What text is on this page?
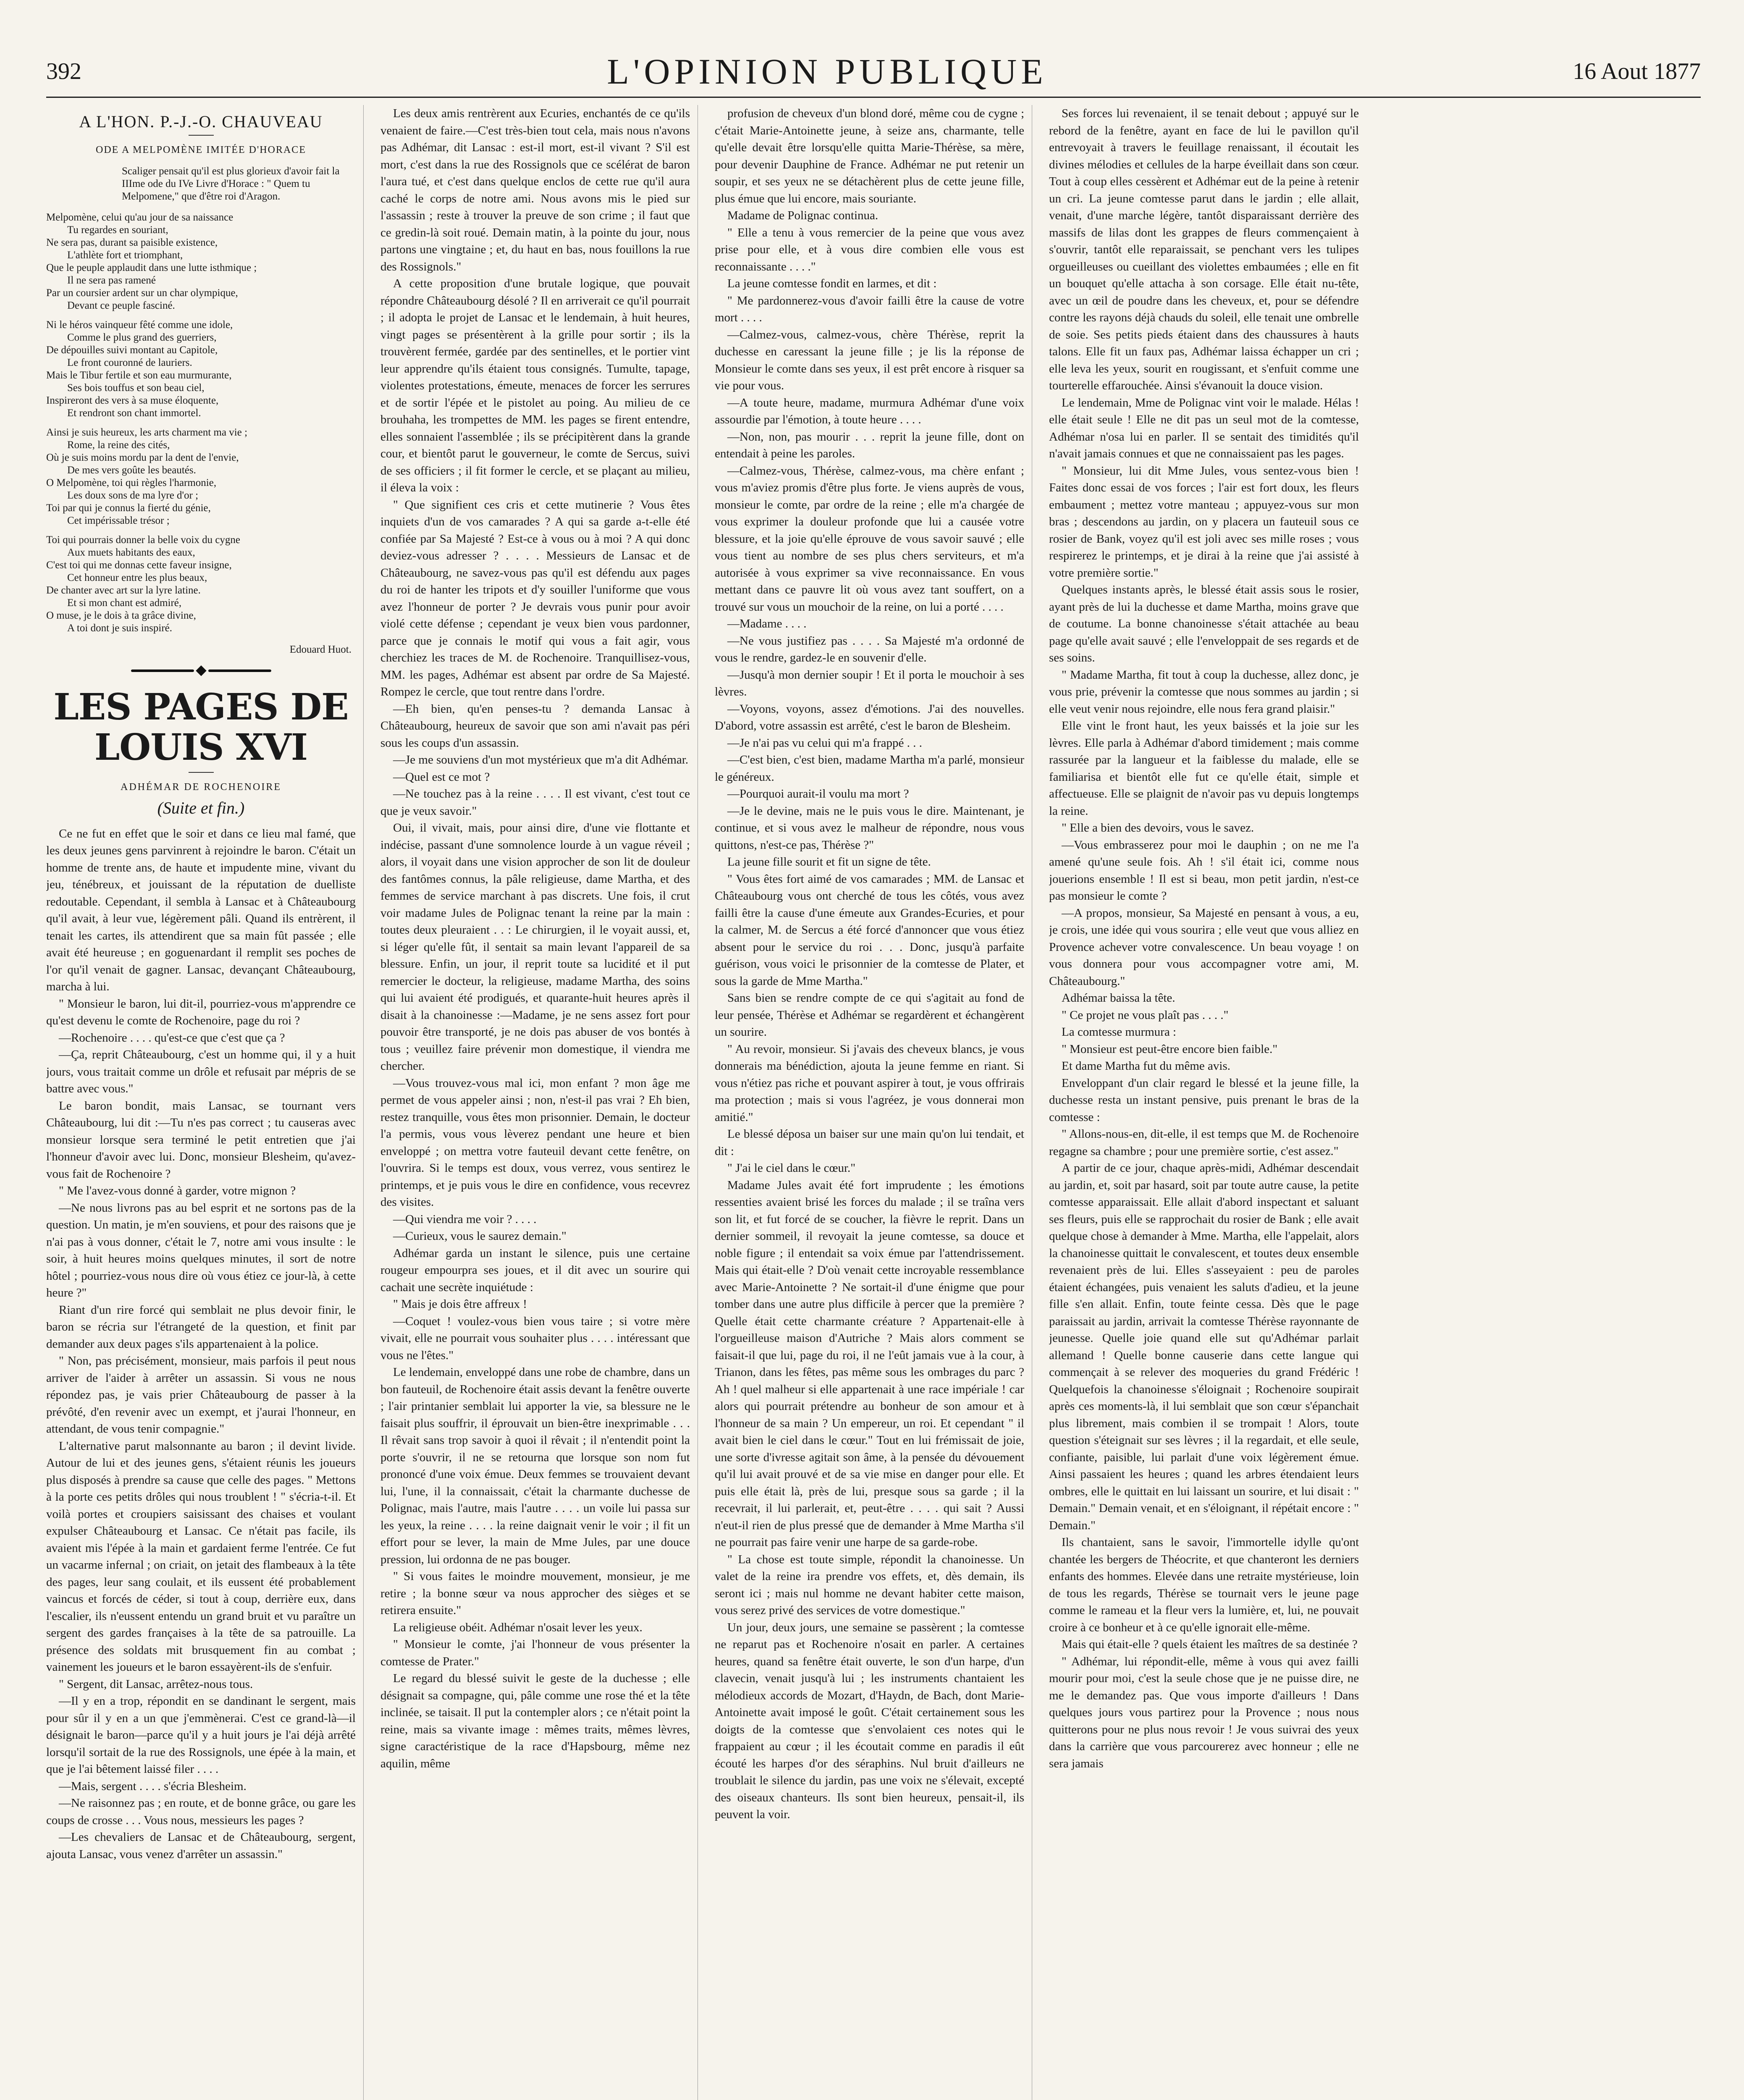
392	L'OPINION PUBLIQUE	16 Aout 1877
A L'HON. P.-J.-O. CHAUVEAU
ODE A MELPOMÈNE IMITÉE D'HORACE
Scaliger pensait qu'il est plus glorieux d'avoir fait la IIIme ode du IVe Livre d'Horace : " Quem tu Melpomene," que d'être roi d'Aragon.
Melpomène, celui qu'au jour de sa naissance
Tu regardes en souriant,
Ne sera pas, durant sa paisible existence,
L'athlète fort et triomphant,
Que le peuple applaudit dans une lutte isthmique ;
Il ne sera pas ramené
Par un coursier ardent sur un char olympique,
Devant ce peuple fasciné.
Ni le héros vainqueur fêté comme une idole,
Comme le plus grand des guerriers,
De dépouilles suivi montant au Capitole,
Le front couronné de lauriers.
Mais le Tibur fertile et son eau murmurante,
Ses bois touffus et son beau ciel,
Inspireront des vers à sa muse éloquente,
Et rendront son chant immortel.
Ainsi je suis heureux, les arts charment ma vie ;
Rome, la reine des cités,
Où je suis moins mordu par la dent de l'envie,
De mes vers goûte les beautés.
O Melpomène, toi qui règles l'harmonie,
Les doux sons de ma lyre d'or ;
Toi par qui je connus la fierté du génie,
Cet impérissable trésor ;
Toi qui pourrais donner la belle voix du cygne
Aux muets habitants des eaux,
C'est toi qui me donnas cette faveur insigne,
Cet honneur entre les plus beaux,
De chanter avec art sur la lyre latine.
Et si mon chant est admiré,
O muse, je le dois à ta grâce divine,
A toi dont je suis inspiré.
Edouard Huot.
LES PAGES DE LOUIS XVI
ADHÉMAR DE ROCHENOIRE
(Suite et fin.)

Ce ne fut en effet que le soir et dans ce lieu mal famé, que les deux jeunes gens parvinrent à rejoindre le baron. C'était un homme de trente ans, de haute et impudente mine, vivant du jeu, ténébreux, et jouissant de la réputation de duelliste redoutable. Cependant, il sembla à Lansac et à Châteaubourg qu'il avait, à leur vue, légèrement pâli. Quand ils entrèrent, il tenait les cartes, ils attendirent que sa main fût passée ; elle avait été heureuse ; en goguenardant il remplit ses poches de l'or qu'il venait de gagner. Lansac, devançant Châteaubourg, marcha à lui.

" Monsieur le baron, lui dit-il, pourriez-vous m'apprendre ce qu'est devenu le comte de Rochenoire, page du roi ?

—Rochenoire . . . . qu'est-ce que c'est que ça ?

—Ça, reprit Châteaubourg, c'est un homme qui, il y a huit jours, vous traitait comme un drôle et refusait par mépris de se battre avec vous."

Le baron bondit, mais Lansac, se tournant vers Châteaubourg, lui dit :—Tu n'es pas correct ; tu causeras avec monsieur lorsque sera terminé le petit entretien que j'ai l'honneur d'avoir avec lui. Donc, monsieur Blesheim, qu'avez-vous fait de Rochenoire ?

" Me l'avez-vous donné à garder, votre mignon ?

—Ne nous livrons pas au bel esprit et ne sortons pas de la question. Un matin, je m'en souviens, et pour des raisons que je n'ai pas à vous donner, c'était le 7, notre ami vous insulte : le soir, à huit heures moins quelques minutes, il sort de notre hôtel ; pourriez-vous nous dire où vous étiez ce jour-là, à cette heure ?"

Riant d'un rire forcé qui semblait ne plus devoir finir, le baron se récria sur l'étrangeté de la question, et finit par demander aux deux pages s'ils appartenaient à la police.

" Non, pas précisément, monsieur, mais parfois il peut nous arriver de l'aider à arrêter un assassin. Si vous ne nous répondez pas, je vais prier Châteaubourg de passer à la prévôté, d'en revenir avec un exempt, et j'aurai l'honneur, en attendant, de vous tenir compagnie."

L'alternative parut malsonnante au baron ; il devint livide. Autour de lui et des jeunes gens, s'étaient réunis les joueurs plus disposés à prendre sa cause que celle des pages. " Mettons à la porte ces petits drôles qui nous troublent ! " s'écria-t-il. Et voilà portes et croupiers saisissant des chaises et voulant expulser Châteaubourg et Lansac. Ce n'était pas facile, ils avaient mis l'épée à la main et gardaient ferme l'entrée. Ce fut un vacarme infernal ; on criait, on jetait des flambeaux à la tête des pages, leur sang coulait, et ils eussent été probablement vaincus et forcés de céder, si tout à coup, derrière eux, dans l'escalier, ils n'eussent entendu un grand bruit et vu paraître un sergent des gardes françaises à la tête de sa patrouille. La présence des soldats mit brusquement fin au combat ; vainement les joueurs et le baron essayèrent-ils de s'enfuir.

" Sergent, dit Lansac, arrêtez-nous tous.

—Il y en a trop, répondit en se dandinant le sergent, mais pour sûr il y en a un que j'emmènerai. C'est ce grand-là—il désignait le baron—parce qu'il y a huit jours je l'ai déjà arrêté lorsqu'il sortait de la rue des Rossignols, une épée à la main, et que je l'ai bêtement laissé filer . . . .

—Mais, sergent . . . . s'écria Blesheim.

—Ne raisonnez pas ; en route, et de bonne grâce, ou gare les coups de crosse . . . Vous nous, messieurs les pages ?

—Les chevaliers de Lansac et de Châteaubourg, sergent, ajouta Lansac, vous venez d'arrêter un assassin."

Les deux amis rentrèrent aux Ecuries, enchantés de ce qu'ils venaient de faire.—C'est très-bien tout cela, mais nous n'avons pas Adhémar, dit Lansac : est-il mort, est-il vivant ? S'il est mort, c'est dans la rue des Rossignols que ce scélérat de baron l'aura tué, et c'est dans quelque enclos de cette rue qu'il aura caché le corps de notre ami. Nous avons mis le pied sur l'assassin ; reste à trouver la preuve de son crime ; il faut que ce gredin-là soit roué. Demain matin, à la pointe du jour, nous partons une vingtaine ; et, du haut en bas, nous fouillons la rue des Rossignols."

A cette proposition d'une brutale logique, que pouvait répondre Châteaubourg désolé ? Il en arriverait ce qu'il pourrait ; il adopta le projet de Lansac et le lendemain, à huit heures, vingt pages se présentèrent à la grille pour sortir ; ils la trouvèrent fermée, gardée par des sentinelles, et le portier vint leur apprendre qu'ils étaient tous consignés. Tumulte, tapage, violentes protestations, émeute, menaces de forcer les serrures et de sortir l'épée et le pistolet au poing. Au milieu de ce brouhaha, les trompettes de MM. les pages se firent entendre, elles sonnaient l'assemblée ; ils se précipitèrent dans la grande cour, et bientôt parut le gouverneur, le comte de Sercus, suivi de ses officiers ; il fit former le cercle, et se plaçant au milieu, il éleva la voix :

" Que signifient ces cris et cette mutinerie ? Vous êtes inquiets d'un de vos camarades ? A qui sa garde a-t-elle été confiée par Sa Majesté ? Est-ce à vous ou à moi ? A qui donc deviez-vous adresser ? . . . . Messieurs de Lansac et de Châteaubourg, ne savez-vous pas qu'il est défendu aux pages du roi de hanter les tripots et d'y souiller l'uniforme que vous avez l'honneur de porter ? Je devrais vous punir pour avoir violé cette défense ; cependant je veux bien vous pardonner, parce que je connais le motif qui vous a fait agir, vous cherchiez les traces de M. de Rochenoire. Tranquillisez-vous, MM. les pages, Adhémar est absent par ordre de Sa Majesté. Rompez le cercle, que tout rentre dans l'ordre.

—Eh bien, qu'en penses-tu ? demanda Lansac à Châteaubourg, heureux de savoir que son ami n'avait pas péri sous les coups d'un assassin.

—Je me souviens d'un mot mystérieux que m'a dit Adhémar.

—Quel est ce mot ?

—Ne touchez pas à la reine . . . . Il est vivant, c'est tout ce que je veux savoir."

Oui, il vivait, mais, pour ainsi dire, d'une vie flottante et indécise, passant d'une somnolence lourde à un vague réveil ; alors, il voyait dans une vision approcher de son lit de douleur des fantômes connus, la pâle religieuse, dame Martha, et des femmes de service marchant à pas discrets. Une fois, il crut voir madame Jules de Polignac tenant la reine par la main : toutes deux pleuraient . . : Le chirurgien, il le voyait aussi, et, si léger qu'elle fût, il sentait sa main levant l'appareil de sa blessure. Enfin, un jour, il reprit toute sa lucidité et il put remercier le docteur, la religieuse, madame Martha, des soins qui lui avaient été prodigués, et quarante-huit heures après il disait à la chanoinesse :—Madame, je ne sens assez fort pour pouvoir être transporté, je ne dois pas abuser de vos bontés à tous ; veuillez faire prévenir mon domestique, il viendra me chercher.

—Vous trouvez-vous mal ici, mon enfant ? mon âge me permet de vous appeler ainsi ; non, n'est-il pas vrai ? Eh bien, restez tranquille, vous êtes mon prisonnier. Demain, le docteur l'a permis, vous vous lèverez pendant une heure et bien enveloppé ; on mettra votre fauteuil devant cette fenêtre, on l'ouvrira. Si le temps est doux, vous verrez, vous sentirez le printemps, et je puis vous le dire en confidence, vous recevrez des visites.

—Qui viendra me voir ? . . . .

—Curieux, vous le saurez demain."

Adhémar garda un instant le silence, puis une certaine rougeur empourpra ses joues, et il dit avec un sourire qui cachait une secrète inquiétude :

" Mais je dois être affreux !

—Coquet ! voulez-vous bien vous taire ; si votre mère vivait, elle ne pourrait vous souhaiter plus . . . . intéressant que vous ne l'êtes."

Le lendemain, enveloppé dans une robe de chambre, dans un bon fauteuil, de Rochenoire était assis devant la fenêtre ouverte ; l'air printanier semblait lui apporter la vie, sa blessure ne le faisait plus souffrir, il éprouvait un bien-être inexprimable . . . Il rêvait sans trop savoir à quoi il rêvait ; il n'entendit point la porte s'ouvrir, il ne se retourna que lorsque son nom fut prononcé d'une voix émue. Deux femmes se trouvaient devant lui, l'une, il la connaissait, c'était la charmante duchesse de Polignac, mais l'autre, mais l'autre . . . . un voile lui passa sur les yeux, la reine . . . . la reine daignait venir le voir ; il fit un effort pour se lever, la main de Mme Jules, par une douce pression, lui ordonna de ne pas bouger.

" Si vous faites le moindre mouvement, monsieur, je me retire ; la bonne sœur va nous approcher des sièges et se retirera ensuite."

La religieuse obéit. Adhémar n'osait lever les yeux.

" Monsieur le comte, j'ai l'honneur de vous présenter la comtesse de Prater."

Le regard du blessé suivit le geste de la duchesse ; elle désignait sa compagne, qui, pâle comme une rose thé et la tête inclinée, se taisait. Il put la contempler alors ; ce n'était point la reine, mais sa vivante image : mêmes traits, mêmes lèvres, signe caractéristique de la race d'Hapsbourg, même nez aquilin, même

profusion de cheveux d'un blond doré, même cou de cygne ; c'était Marie-Antoinette jeune, à seize ans, charmante, telle qu'elle devait être lorsqu'elle quitta Marie-Thérèse, sa mère, pour devenir Dauphine de France. Adhémar ne put retenir un soupir, et ses yeux ne se détachèrent plus de cette jeune fille, plus émue que lui encore, mais souriante.

Madame de Polignac continua.

" Elle a tenu à vous remercier de la peine que vous avez prise pour elle, et à vous dire combien elle vous est reconnaissante . . . ."

La jeune comtesse fondit en larmes, et dit :

" Me pardonnerez-vous d'avoir failli être la cause de votre mort . . . .

—Calmez-vous, calmez-vous, chère Thérèse, reprit la duchesse en caressant la jeune fille ; je lis la réponse de Monsieur le comte dans ses yeux, il est prêt encore à risquer sa vie pour vous.

—A toute heure, madame, murmura Adhémar d'une voix assourdie par l'émotion, à toute heure . . . .

—Non, non, pas mourir . . . reprit la jeune fille, dont on entendait à peine les paroles.

—Calmez-vous, Thérèse, calmez-vous, ma chère enfant ; vous m'aviez promis d'être plus forte. Je viens auprès de vous, monsieur le comte, par ordre de la reine ; elle m'a chargée de vous exprimer la douleur profonde que lui a causée votre blessure, et la joie qu'elle éprouve de vous savoir sauvé ; elle vous tient au nombre de ses plus chers serviteurs, et m'a autorisée à vous exprimer sa vive reconnaissance. En vous mettant dans ce pauvre lit où vous avez tant souffert, on a trouvé sur vous un mouchoir de la reine, on lui a porté . . . .

—Madame . . . .

—Ne vous justifiez pas . . . . Sa Majesté m'a ordonné de vous le rendre, gardez-le en souvenir d'elle.

—Jusqu'à mon dernier soupir ! Et il porta le mouchoir à ses lèvres.

—Voyons, voyons, assez d'émotions. J'ai des nouvelles. D'abord, votre assassin est arrêté, c'est le baron de Blesheim.

—Je n'ai pas vu celui qui m'a frappé . . .

—C'est bien, c'est bien, madame Martha m'a parlé, monsieur le généreux.

—Pourquoi aurait-il voulu ma mort ?

—Je le devine, mais ne le puis vous le dire. Maintenant, je continue, et si vous avez le malheur de répondre, nous vous quittons, n'est-ce pas, Thérèse ?"

La jeune fille sourit et fit un signe de tête.

" Vous êtes fort aimé de vos camarades ; MM. de Lansac et Châteaubourg vous ont cherché de tous les côtés, vous avez failli être la cause d'une émeute aux Grandes-Ecuries, et pour la calmer, M. de Sercus a été forcé d'annoncer que vous étiez absent pour le service du roi . . . Donc, jusqu'à parfaite guérison, vous voici le prisonnier de la comtesse de Plater, et sous la garde de Mme Martha."

Sans bien se rendre compte de ce qui s'agitait au fond de leur pensée, Thérèse et Adhémar se regardèrent et échangèrent un sourire.

" Au revoir, monsieur. Si j'avais des cheveux blancs, je vous donnerais ma bénédiction, ajouta la jeune femme en riant. Si vous n'étiez pas riche et pouvant aspirer à tout, je vous offrirais ma protection ; mais si vous l'agréez, je vous donnerai mon amitié."

Le blessé déposa un baiser sur une main qu'on lui tendait, et dit :

" J'ai le ciel dans le cœur."

Madame Jules avait été fort imprudente ; les émotions ressenties avaient brisé les forces du malade ; il se traîna vers son lit, et fut forcé de se coucher, la fièvre le reprit. Dans un dernier sommeil, il revoyait la jeune comtesse, sa douce et noble figure ; il entendait sa voix émue par l'attendrissement. Mais qui était-elle ? D'où venait cette incroyable ressemblance avec Marie-Antoinette ? Ne sortait-il d'une énigme que pour tomber dans une autre plus difficile à percer que la première ? Quelle était cette charmante créature ? Appartenait-elle à l'orgueilleuse maison d'Autriche ? Mais alors comment se faisait-il que lui, page du roi, il ne l'eût jamais vue à la cour, à Trianon, dans les fêtes, pas même sous les ombrages du parc ? Ah ! quel malheur si elle appartenait à une race impériale ! car alors qui pourrait prétendre au bonheur de son amour et à l'honneur de sa main ? Un empereur, un roi. Et cependant " il avait bien le ciel dans le cœur." Tout en lui frémissait de joie, une sorte d'ivresse agitait son âme, à la pensée du dévouement qu'il lui avait prouvé et de sa vie mise en danger pour elle. Et puis elle était là, près de lui, presque sous sa garde ; il la recevrait, il lui parlerait, et, peut-être . . . . qui sait ? Aussi n'eut-il rien de plus pressé que de demander à Mme Martha s'il ne pourrait pas faire venir une harpe de sa garde-robe.

" La chose est toute simple, répondit la chanoinesse. Un valet de la reine ira prendre vos effets, et, dès demain, ils seront ici ; mais nul homme ne devant habiter cette maison, vous serez privé des services de votre domestique."

Un jour, deux jours, une semaine se passèrent ; la comtesse ne reparut pas et Rochenoire n'osait en parler. A certaines heures, quand sa fenêtre était ouverte, le son d'un harpe, d'un clavecin, venait jusqu'à lui ; les instruments chantaient les mélodieux accords de Mozart, d'Haydn, de Bach, dont Marie-Antoinette avait imposé le goût. C'était certainement sous les doigts de la comtesse que s'envolaient ces notes qui le frappaient au cœur ; il les écoutait comme en paradis il eût écouté les harpes d'or des séraphins. Nul bruit d'ailleurs ne troublait le silence du jardin, pas une voix ne s'élevait, excepté des oiseaux chanteurs. Ils sont bien heureux, pensait-il, ils peuvent la voir.

Ses forces lui revenaient, il se tenait debout ; appuyé sur le rebord de la fenêtre, ayant en face de lui le pavillon qu'il entrevoyait à travers le feuillage renaissant, il écoutait les divines mélodies et cellules de la harpe éveillait dans son cœur. Tout à coup elles cessèrent et Adhémar eut de la peine à retenir un cri. La jeune comtesse parut dans le jardin ; elle allait, venait, d'une marche légère, tantôt disparaissant derrière des massifs de lilas dont les grappes de fleurs commençaient à s'ouvrir, tantôt elle reparaissait, se penchant vers les tulipes orgueilleuses ou cueillant des violettes embaumées ; elle en fit un bouquet qu'elle attacha à son corsage. Elle était nu-tête, avec un œil de poudre dans les cheveux, et, pour se défendre contre les rayons déjà chauds du soleil, elle tenait une ombrelle de soie. Ses petits pieds étaient dans des chaussures à hauts talons. Elle fit un faux pas, Adhémar laissa échapper un cri ; elle leva les yeux, sourit en rougissant, et s'enfuit comme une tourterelle effarouchée. Ainsi s'évanouit la douce vision.

Le lendemain, Mme de Polignac vint voir le malade. Hélas ! elle était seule ! Elle ne dit pas un seul mot de la comtesse, Adhémar n'osa lui en parler. Il se sentait des timidités qu'il n'avait jamais connues et que ne connaissaient pas les pages.

" Monsieur, lui dit Mme Jules, vous sentez-vous bien ! Faites donc essai de vos forces ; l'air est fort doux, les fleurs embaument ; mettez votre manteau ; appuyez-vous sur mon bras ; descendons au jardin, on y placera un fauteuil sous ce rosier de Bank, voyez qu'il est joli avec ses mille roses ; vous respirerez le printemps, et je dirai à la reine que j'ai assisté à votre première sortie."

Quelques instants après, le blessé était assis sous le rosier, ayant près de lui la duchesse et dame Martha, moins grave que de coutume. La bonne chanoinesse s'était attachée au beau page qu'elle avait sauvé ; elle l'enveloppait de ses regards et de ses soins.

" Madame Martha, fit tout à coup la duchesse, allez donc, je vous prie, prévenir la comtesse que nous sommes au jardin ; si elle veut venir nous rejoindre, elle nous fera grand plaisir."

Elle vint le front haut, les yeux baissés et la joie sur les lèvres. Elle parla à Adhémar d'abord timidement ; mais comme rassurée par la langueur et la faiblesse du malade, elle se familiarisa et bientôt elle fut ce qu'elle était, simple et affectueuse. Elle se plaignit de n'avoir pas vu depuis longtemps la reine.

" Elle a bien des devoirs, vous le savez.

—Vous embrasserez pour moi le dauphin ; on ne me l'a amené qu'une seule fois. Ah ! s'il était ici, comme nous jouerions ensemble ! Il est si beau, mon petit jardin, n'est-ce pas monsieur le comte ?

—A propos, monsieur, Sa Majesté en pensant à vous, a eu, je crois, une idée qui vous sourira ; elle veut que vous alliez en Provence achever votre convalescence. Un beau voyage ! on vous donnera pour vous accompagner votre ami, M. Châteaubourg."

Adhémar baissa la tête.

" Ce projet ne vous plaît pas . . . ."

La comtesse murmura :

" Monsieur est peut-être encore bien faible."

Et dame Martha fut du même avis.

Enveloppant d'un clair regard le blessé et la jeune fille, la duchesse resta un instant pensive, puis prenant le bras de la comtesse :

" Allons-nous-en, dit-elle, il est temps que M. de Rochenoire regagne sa chambre ; pour une première sortie, c'est assez."

A partir de ce jour, chaque après-midi, Adhémar descendait au jardin, et, soit par hasard, soit par toute autre cause, la petite comtesse apparaissait. Elle allait d'abord inspectant et saluant ses fleurs, puis elle se rapprochait du rosier de Bank ; elle avait quelque chose à demander à Mme. Martha, elle l'appelait, alors la chanoinesse quittait le convalescent, et toutes deux ensemble revenaient près de lui. Elles s'asseyaient : peu de paroles étaient échangées, puis venaient les saluts d'adieu, et la jeune fille s'en allait. Enfin, toute feinte cessa. Dès que le page paraissait au jardin, arrivait la comtesse Thérèse rayonnante de jeunesse. Quelle joie quand elle sut qu'Adhémar parlait allemand ! Quelle bonne causerie dans cette langue qui commençait à se relever des moqueries du grand Frédéric ! Quelquefois la chanoinesse s'éloignait ; Rochenoire soupirait après ces moments-là, il lui semblait que son cœur s'épanchait plus librement, mais combien il se trompait ! Alors, toute question s'éteignait sur ses lèvres ; il la regardait, et elle seule, confiante, paisible, lui parlait d'une voix légèrement émue. Ainsi passaient les heures ; quand les arbres étendaient leurs ombres, elle le quittait en lui laissant un sourire, et lui disait : " Demain." Demain venait, et en s'éloignant, il répétait encore : " Demain."

Ils chantaient, sans le savoir, l'immortelle idylle qu'ont chantée les bergers de Théocrite, et que chanteront les derniers enfants des hommes. Elevée dans une retraite mystérieuse, loin de tous les regards, Thérèse se tournait vers le jeune page comme le rameau et la fleur vers la lumière, et, lui, ne pouvait croire à ce bonheur et à ce qu'elle ignorait elle-même.

Mais qui était-elle ? quels étaient les maîtres de sa destinée ?

" Adhémar, lui répondit-elle, même à vous qui avez failli mourir pour moi, c'est la seule chose que je ne puisse dire, ne me le demandez pas. Que vous importe d'ailleurs ! Dans quelques jours vous partirez pour la Provence ; nous nous quitterons pour ne plus nous revoir ! Je vous suivrai des yeux dans la carrière que vous parcourerez avec honneur ; elle ne sera jamais
